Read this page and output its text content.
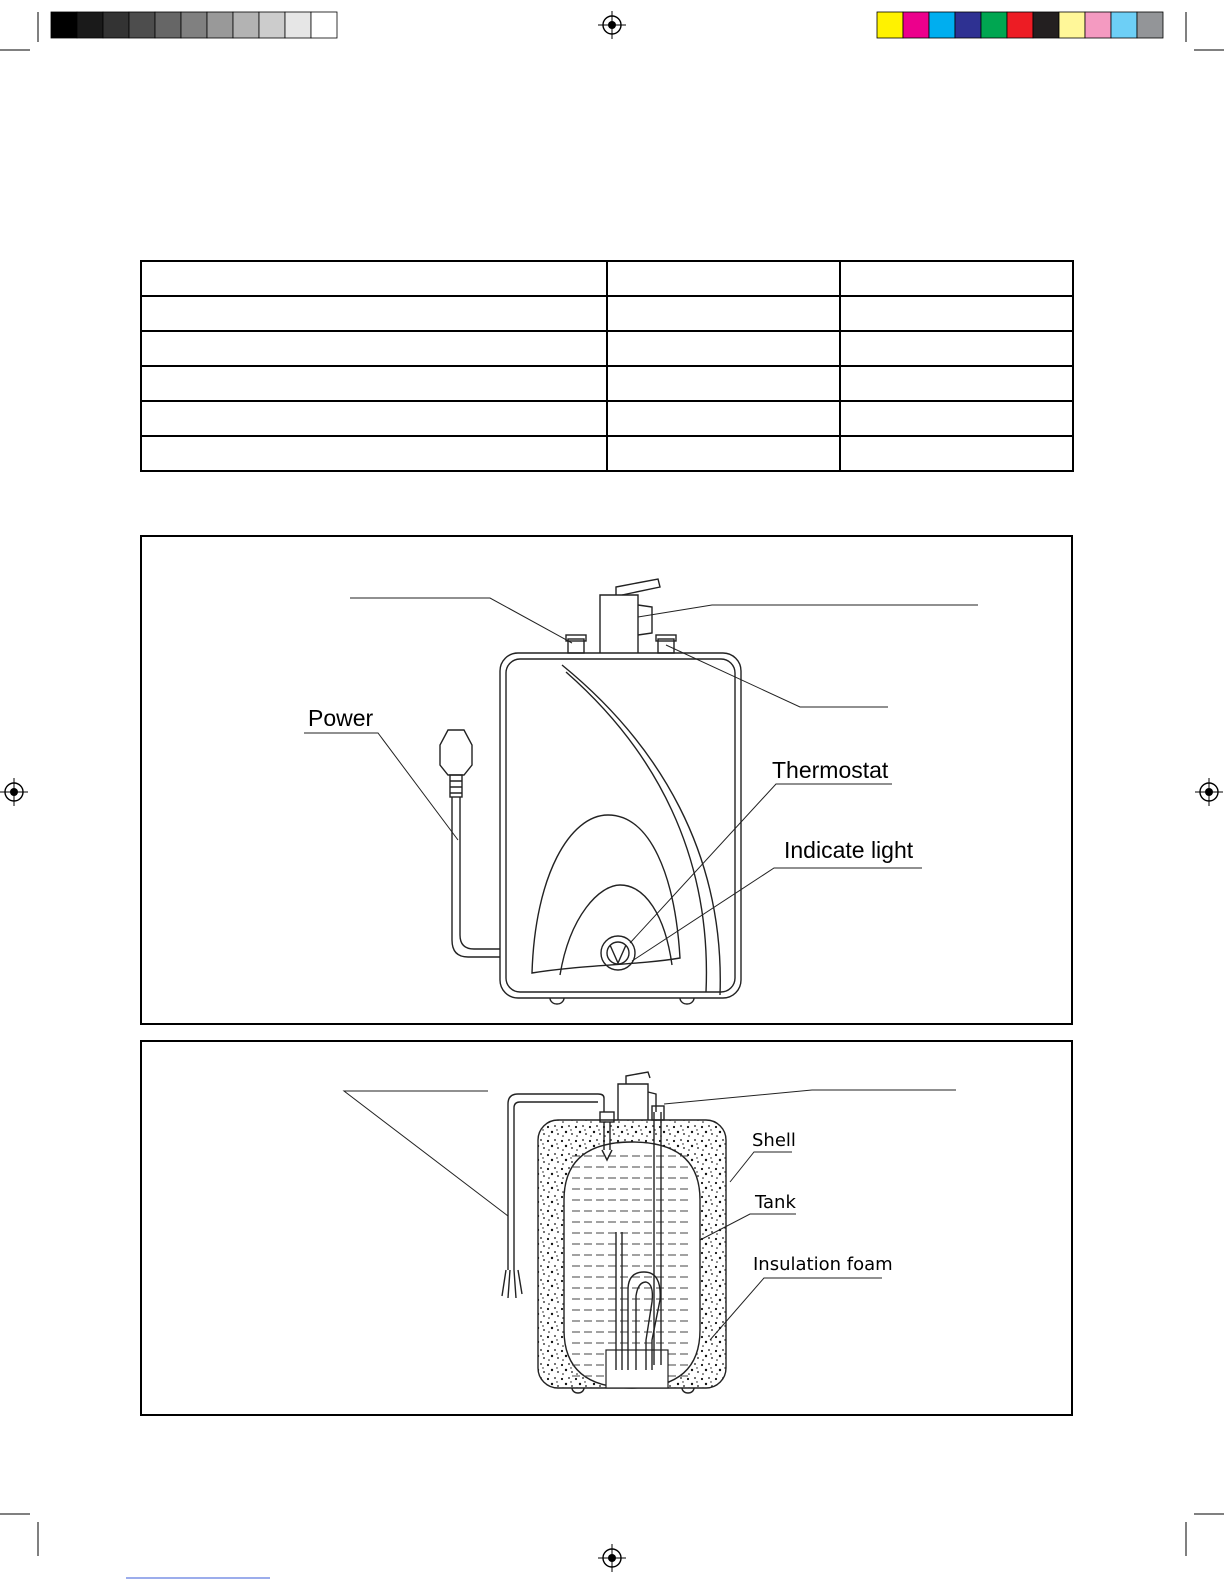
Power
Thermostat
Indicate light
Shell
Tank
Insulation foam
